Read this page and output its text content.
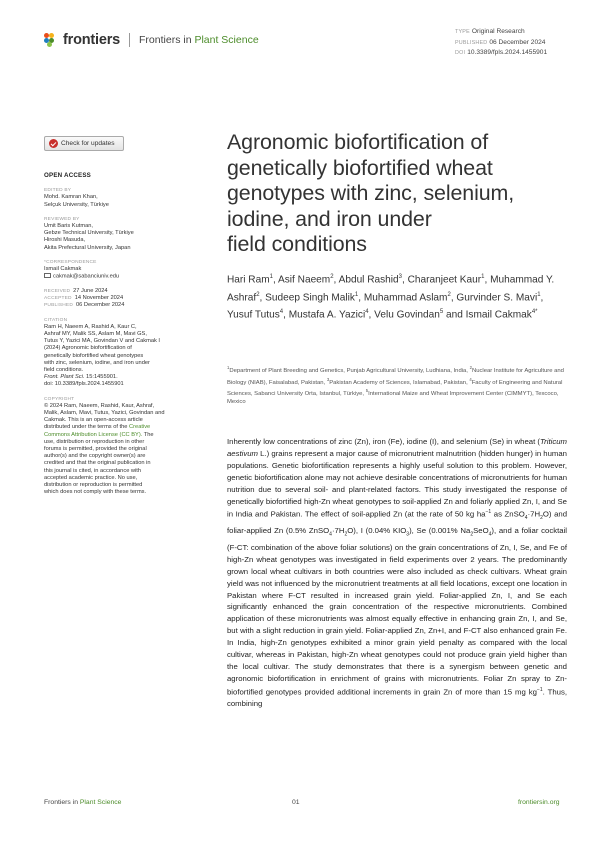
frontiers Frontiers in Plant Science
TYPE Original Research
PUBLISHED 06 December 2024
DOI 10.3389/fpls.2024.1455901
Check for updates
OPEN ACCESS
EDITED BY
Mohd. Kamran Khan,
Selçuk University, Türkiye
REVIEWED BY
Umit Baris Kutman,
Gebze Technical University, Türkiye
Hiroshi Masuda,
Akita Prefectural University, Japan
*CORRESPONDENCE
Ismail Cakmak
cakmak@sabanciuniv.edu
RECEIVED 27 June 2024
ACCEPTED 14 November 2024
PUBLISHED 06 December 2024
CITATION
Ram H, Naeem A, Rashid A, Kaur C,
Ashraf MY, Malik SS, Aslam M, Mavi GS,
Tutus Y, Yazici MA, Govindan V and Cakmak I
(2024) Agronomic biofortification of
genetically biofortified wheat genotypes
with zinc, selenium, iodine, and iron under
field conditions.
Front. Plant Sci. 15:1455901.
doi: 10.3389/fpls.2024.1455901
COPYRIGHT
© 2024 Ram, Naeem, Rashid, Kaur, Ashraf,
Malik, Aslam, Mavi, Tutus, Yazici, Govindan and
Cakmak. This is an open-access article
distributed under the terms of the Creative
Commons Attribution License (CC BY). The
use, distribution or reproduction in other
forums is permitted, provided the original
author(s) and the copyright owner(s) are
credited and that the original publication in
this journal is cited, in accordance with
accepted academic practice. No use,
distribution or reproduction is permitted
which does not comply with these terms.
Agronomic biofortification of
genetically biofortified wheat
genotypes with zinc, selenium,
iodine, and iron under
field conditions
Hari Ram$^1$, Asif Naeem$^2$, Abdul Rashid$^3$, Charanjeet Kaur$^1$, Muhammad Y. Ashraf$^2$, Sudeep Singh Malik$^1$, Muhammad Aslam$^2$, Gurvinder S. Mavi$^1$, Yusuf Tutus$^4$, Mustafa A. Yazici$^4$, Velu Govindan$^5$ and Ismail Cakmak$^{4*}$
$^1$Department of Plant Breeding and Genetics, Punjab Agricultural University, Ludhiana, India, $^2$Nuclear Institute for Agriculture and Biology (NIAB), Faisalabad, Pakistan, $^3$Pakistan Academy of Sciences, Islamabad, Pakistan, $^4$Faculty of Engineering and Natural Sciences, Sabanci University Orta, Istanbul, Türkiye, $^5$International Maize and Wheat Improvement Center (CIMMYT), Texcoco, Mexico
Inherently low concentrations of zinc (Zn), iron (Fe), iodine (I), and selenium (Se) in wheat (Triticum aestivum L.) grains represent a major cause of micronutrient malnutrition (hidden hunger) in human populations. Genetic biofortification represents a highly useful solution to this problem. However, genetic biofortification alone may not achieve desirable concentrations of micronutrients for human nutrition due to several soil- and plant-related factors. This study investigated the response of genetically biofortified high-Zn wheat genotypes to soil-applied Zn and foliarly applied Zn, I, and Se in India and Pakistan. The effect of soil-applied Zn (at the rate of 50 kg $ha^{-1}$ as $ZnSO_4\cdot 7H_2O$) and foliar-applied Zn (0.5% $ZnSO_4\cdot 7H_2O$), I (0.04% $KIO_3$), Se (0.001% $Na_2SeO_4$), and a foliar cocktail (F-CT: combination of the above foliar solutions) on the grain concentrations of Zn, I, Se, and Fe of high-Zn wheat genotypes was investigated in field experiments over 2 years. The predominantly grown local wheat cultivars in both countries were also included as check cultivars. Wheat grain yield was not influenced by the micronutrient treatments at all field locations, except one location in Pakistan where F-CT resulted in increased grain yield. Foliar-applied Zn, I, and Se each significantly enhanced the grain concentration of the respective micronutrients. Combined application of these micronutrients was almost equally effective in enhancing grain Zn, I, and Se, but with a slight reduction in grain yield. Foliar-applied Zn, Zn+I, and F-CT also enhanced grain Fe. In India, high-Zn genotypes exhibited a minor grain yield penalty as compared with the local cultivar, whereas in Pakistan, high-Zn wheat genotypes could not produce grain yield higher than the local cultivar. The study demonstrates that there is a synergism between genetic and agronomic biofortification in enrichment of grains with micronutrients. Foliar Zn spray to Zn-biofortified genotypes provided additional increments in grain Zn of more than 15 mg $kg^{-1}$. Thus, combining
Frontiers in Plant Science	01	frontiersin.org
